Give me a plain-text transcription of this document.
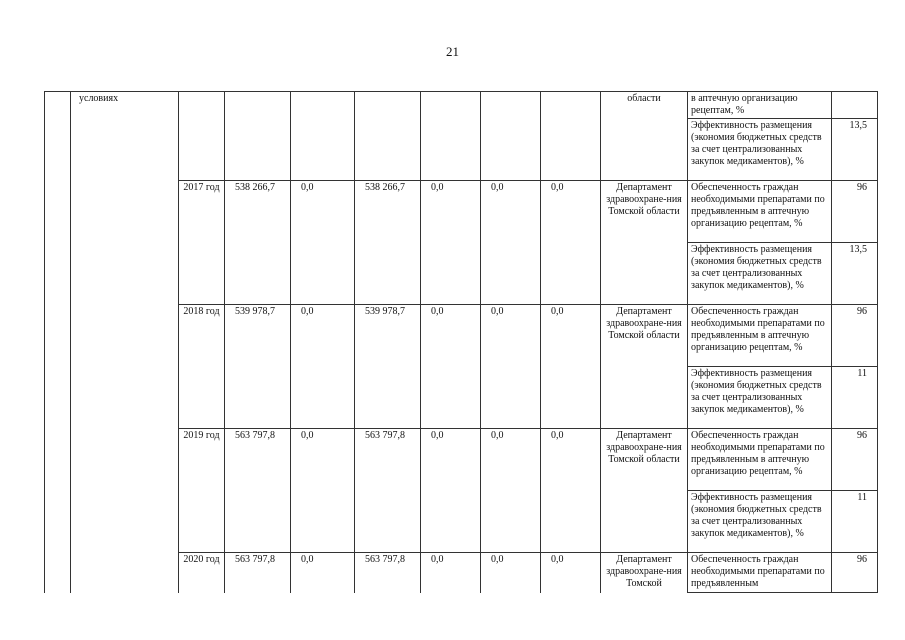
21
	условиях								области	в аптечную организацию рецептам, %	
										Эффективность размещения (экономия бюджетных средств за счет централизованных закупок медикаментов), %	13,5
		2017 год	538 266,7	0,0	538 266,7	0,0	0,0	0,0	Департамент здравоохране-ния Томской области	Обеспеченность граждан необходимыми препаратами по предъявленным в аптечную организацию рецептам, %	96
										Эффективность размещения (экономия бюджетных средств за счет централизованных закупок медикаментов), %	13,5
		2018 год	539 978,7	0,0	539 978,7	0,0	0,0	0,0	Департамент здравоохране-ния Томской области	Обеспеченность граждан необходимыми препаратами по предъявленным в аптечную организацию рецептам, %	96
										Эффективность размещения (экономия бюджетных средств за счет централизованных закупок медикаментов), %	11
		2019 год	563 797,8	0,0	563 797,8	0,0	0,0	0,0	Департамент здравоохране-ния Томской области	Обеспеченность граждан необходимыми препаратами по предъявленным в аптечную организацию рецептам, %	96
										Эффективность размещения (экономия бюджетных средств за счет централизованных закупок медикаментов), %	11
		2020 год	563 797,8	0,0	563 797,8	0,0	0,0	0,0	Департамент здравоохране-ния Томской	Обеспеченность граждан необходимыми препаратами по предъявленным	96
